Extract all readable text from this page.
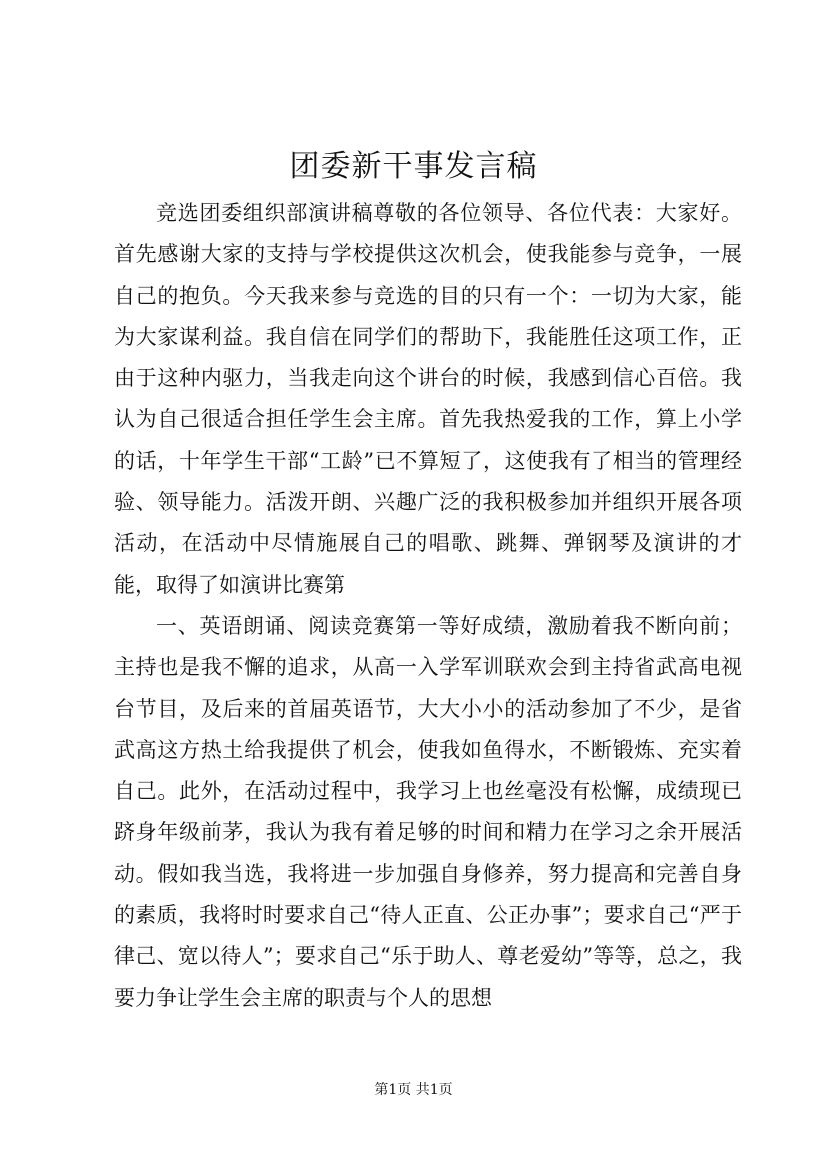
团委新干事发言稿

竞选团委组织部演讲稿尊敬的各位领导、各位代表：大家好。首先感谢大家的支持与学校提供这次机会，使我能参与竞争，一展自己的抱负。今天我来参与竞选的目的只有一个：一切为大家，能为大家谋利益。我自信在同学们的帮助下，我能胜任这项工作，正由于这种内驱力，当我走向这个讲台的时候，我感到信心百倍。我认为自己很适合担任学生会主席。首先我热爱我的工作，算上小学的话，十年学生干部“工龄”已不算短了，这使我有了相当的管理经验、领导能力。活泼开朗、兴趣广泛的我积极参加并组织开展各项活动，在活动中尽情施展自己的唱歌、跳舞、弹钢琴及演讲的才能，取得了如演讲比赛第

一、英语朗诵、阅读竞赛第一等好成绩，激励着我不断向前；主持也是我不懈的追求，从高一入学军训联欢会到主持省武高电视台节目，及后来的首届英语节，大大小小的活动参加了不少，是省武高这方热土给我提供了机会，使我如鱼得水，不断锻炼、充实着自己。此外，在活动过程中，我学习上也丝毫没有松懈，成绩现已跻身年级前茅，我认为我有着足够的时间和精力在学习之余开展活动。假如我当选，我将进一步加强自身修养，努力提高和完善自身的素质，我将时时要求自己“待人正直、公正办事”；要求自己“严于律己、宽以待人”；要求自己“乐于助人、尊老爱幼”等等，总之，我要力争让学生会主席的职责与个人的思想

第1页 共1页
